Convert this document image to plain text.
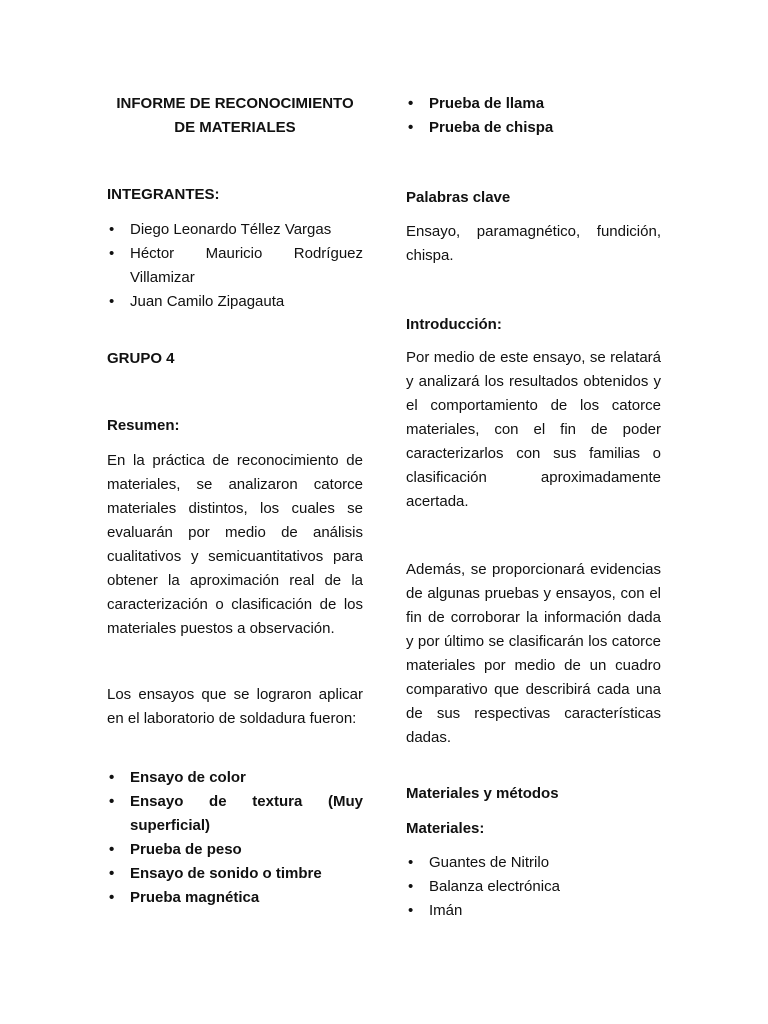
INFORME DE RECONOCIMIENTO
DE MATERIALES
INTEGRANTES:
• Diego Leonardo Téllez Vargas
• Héctor Mauricio Rodríguez Villamizar
• Juan Camilo Zipagauta
GRUPO 4
Resumen:

En la práctica de reconocimiento de materiales, se analizaron catorce materiales distintos, los cuales se evaluarán por medio de análisis cualitativos y semicuantitativos para obtener la aproximación real de la caracterización o clasificación de los materiales puestos a observación.

Los ensayos que se lograron aplicar en el laboratorio de soldadura fueron:

• Ensayo de color
• Ensayo de textura (Muy superficial)
• Prueba de peso
• Ensayo de sonido o timbre
• Prueba magnética
• Prueba de llama
• Prueba de chispa
Palabras clave

Ensayo, paramagnético, fundición, chispa.

Introducción:

Por medio de este ensayo, se relatará y analizará los resultados obtenidos y el comportamiento de los catorce materiales, con el fin de poder caracterizarlos con sus familias o clasificación aproximadamente acertada.

Además, se proporcionará evidencias de algunas pruebas y ensayos, con el fin de corroborar la información dada y por último se clasificarán los catorce materiales por medio de un cuadro comparativo que describirá cada una de sus respectivas características dadas.

Materiales y métodos
Materiales:
• Guantes de Nitrilo
• Balanza electrónica
• Imán
